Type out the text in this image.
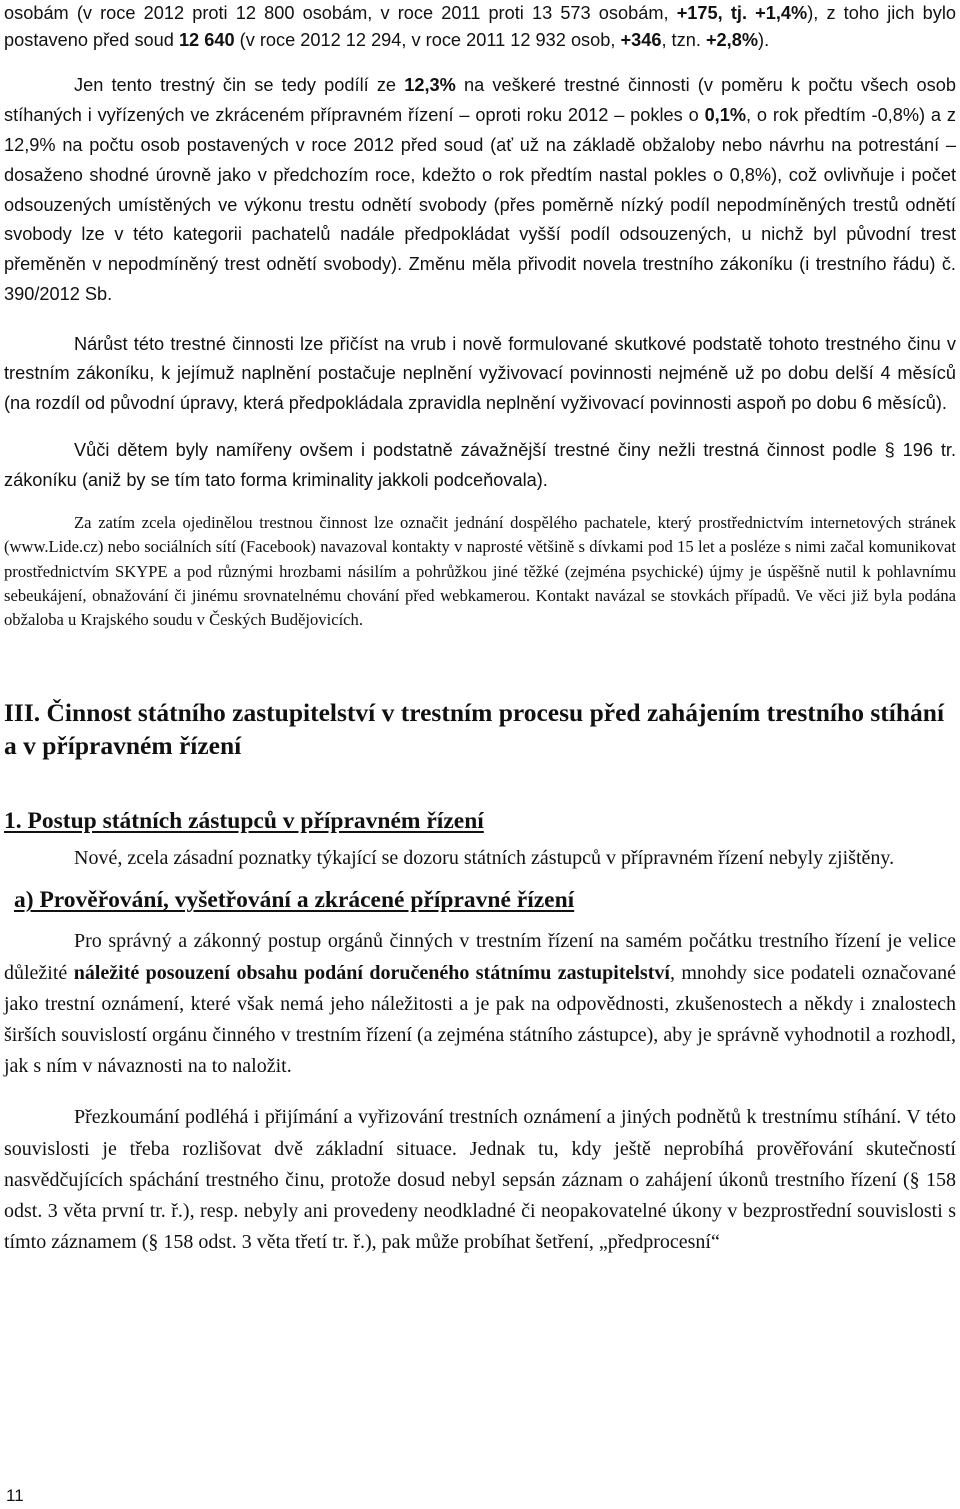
osobám (v roce 2012 proti 12 800 osobám, v roce 2011 proti 13 573 osobám, +175, tj. +1,4%), z toho jich bylo postaveno před soud 12 640 (v roce 2012 12 294, v roce 2011 12 932 osob, +346, tzn. +2,8%).

Jen tento trestný čin se tedy podílí ze 12,3% na veškeré trestné činnosti (v poměru k počtu všech osob stíhaných i vyřízených ve zkráceném přípravném řízení – oproti roku 2012 – pokles o 0,1%, o rok předtím -0,8%) a z 12,9% na počtu osob postavených v roce 2012 před soud (ať už na základě obžaloby nebo návrhu na potrestání – dosaženo shodné úrovně jako v předchozím roce, kdežto o rok předtím nastal pokles o 0,8%), což ovlivňuje i počet odsouzených umístěných ve výkonu trestu odnětí svobody (přes poměrně nízký podíl nepodmíněných trestů odnětí svobody lze v této kategorii pachatelů nadále předpokládat vyšší podíl odsouzených, u nichž byl původní trest přeměněn v nepodmíněný trest odnětí svobody). Změnu měla přivodit novela trestního zákoníku (i trestního řádu) č. 390/2012 Sb.

Nárůst této trestné činnosti lze přičíst na vrub i nově formulované skutkové podstatě tohoto trestného činu v trestním zákoníku, k jejímuž naplnění postačuje neplnění vyživovací povinnosti nejméně už po dobu delší 4 měsíců (na rozdíl od původní úpravy, která předpokládala zpravidla neplnění vyživovací povinnosti aspoň po dobu 6 měsíců).

Vůči dětem byly namířeny ovšem i podstatně závažnější trestné činy nežli trestná činnost podle § 196 tr. zákoníku (aniž by se tím tato forma kriminality jakkoli podceňovala).

Za zatím zcela ojedinělou trestnou činnost lze označit jednání dospělého pachatele, který prostřednictvím internetových stránek (www.Lide.cz) nebo sociálních sítí (Facebook) navazoval kontakty v naprosté většině s dívkami pod 15 let a posléze s nimi začal komunikovat prostřednictvím SKYPE a pod různými hrozbami násilím a pohrůžkou jiné těžké (zejména psychické) újmy je úspěšně nutil k pohlavnímu sebeukájení, obnažování či jinému srovnatelnému chování před webkamerou. Kontakt navázal se stovkách případů. Ve věci již byla podána obžaloba u Krajského soudu v Českých Budějovicích.

III. Činnost státního zastupitelství v trestním procesu před zahájením trestního stíhání a v přípravném řízení
1. Postup státních zástupců v přípravném řízení

Nové, zcela zásadní poznatky týkající se dozoru státních zástupců v přípravném řízení nebyly zjištěny.

a) Prověřování, vyšetřování a zkrácené přípravné řízení

Pro správný a zákonný postup orgánů činných v trestním řízení na samém počátku trestního řízení je velice důležité náležité posouzení obsahu podání doručeného státnímu zastupitelství, mnohdy sice podateli označované jako trestní oznámení, které však nemá jeho náležitosti a je pak na odpovědnosti, zkušenostech a někdy i znalostech širších souvislostí orgánu činného v trestním řízení (a zejména státního zástupce), aby je správně vyhodnotil a rozhodl, jak s ním v návaznosti na to naložit.

Přezkoumání podléhá i přijímání a vyřizování trestních oznámení a jiných podnětů k trestnímu stíhání. V této souvislosti je třeba rozlišovat dvě základní situace. Jednak tu, kdy ještě neprobíhá prověřování skutečností nasvědčujících spáchání trestného činu, protože dosud nebyl sepsán záznam o zahájení úkonů trestního řízení (§ 158 odst. 3 věta první tr. ř.), resp. nebyly ani provedeny neodkladné či neopakovatelné úkony v bezprostřední souvislosti s tímto záznamem (§ 158 odst. 3 věta třetí tr. ř.), pak může probíhat šetření, „předprocesní“

11
